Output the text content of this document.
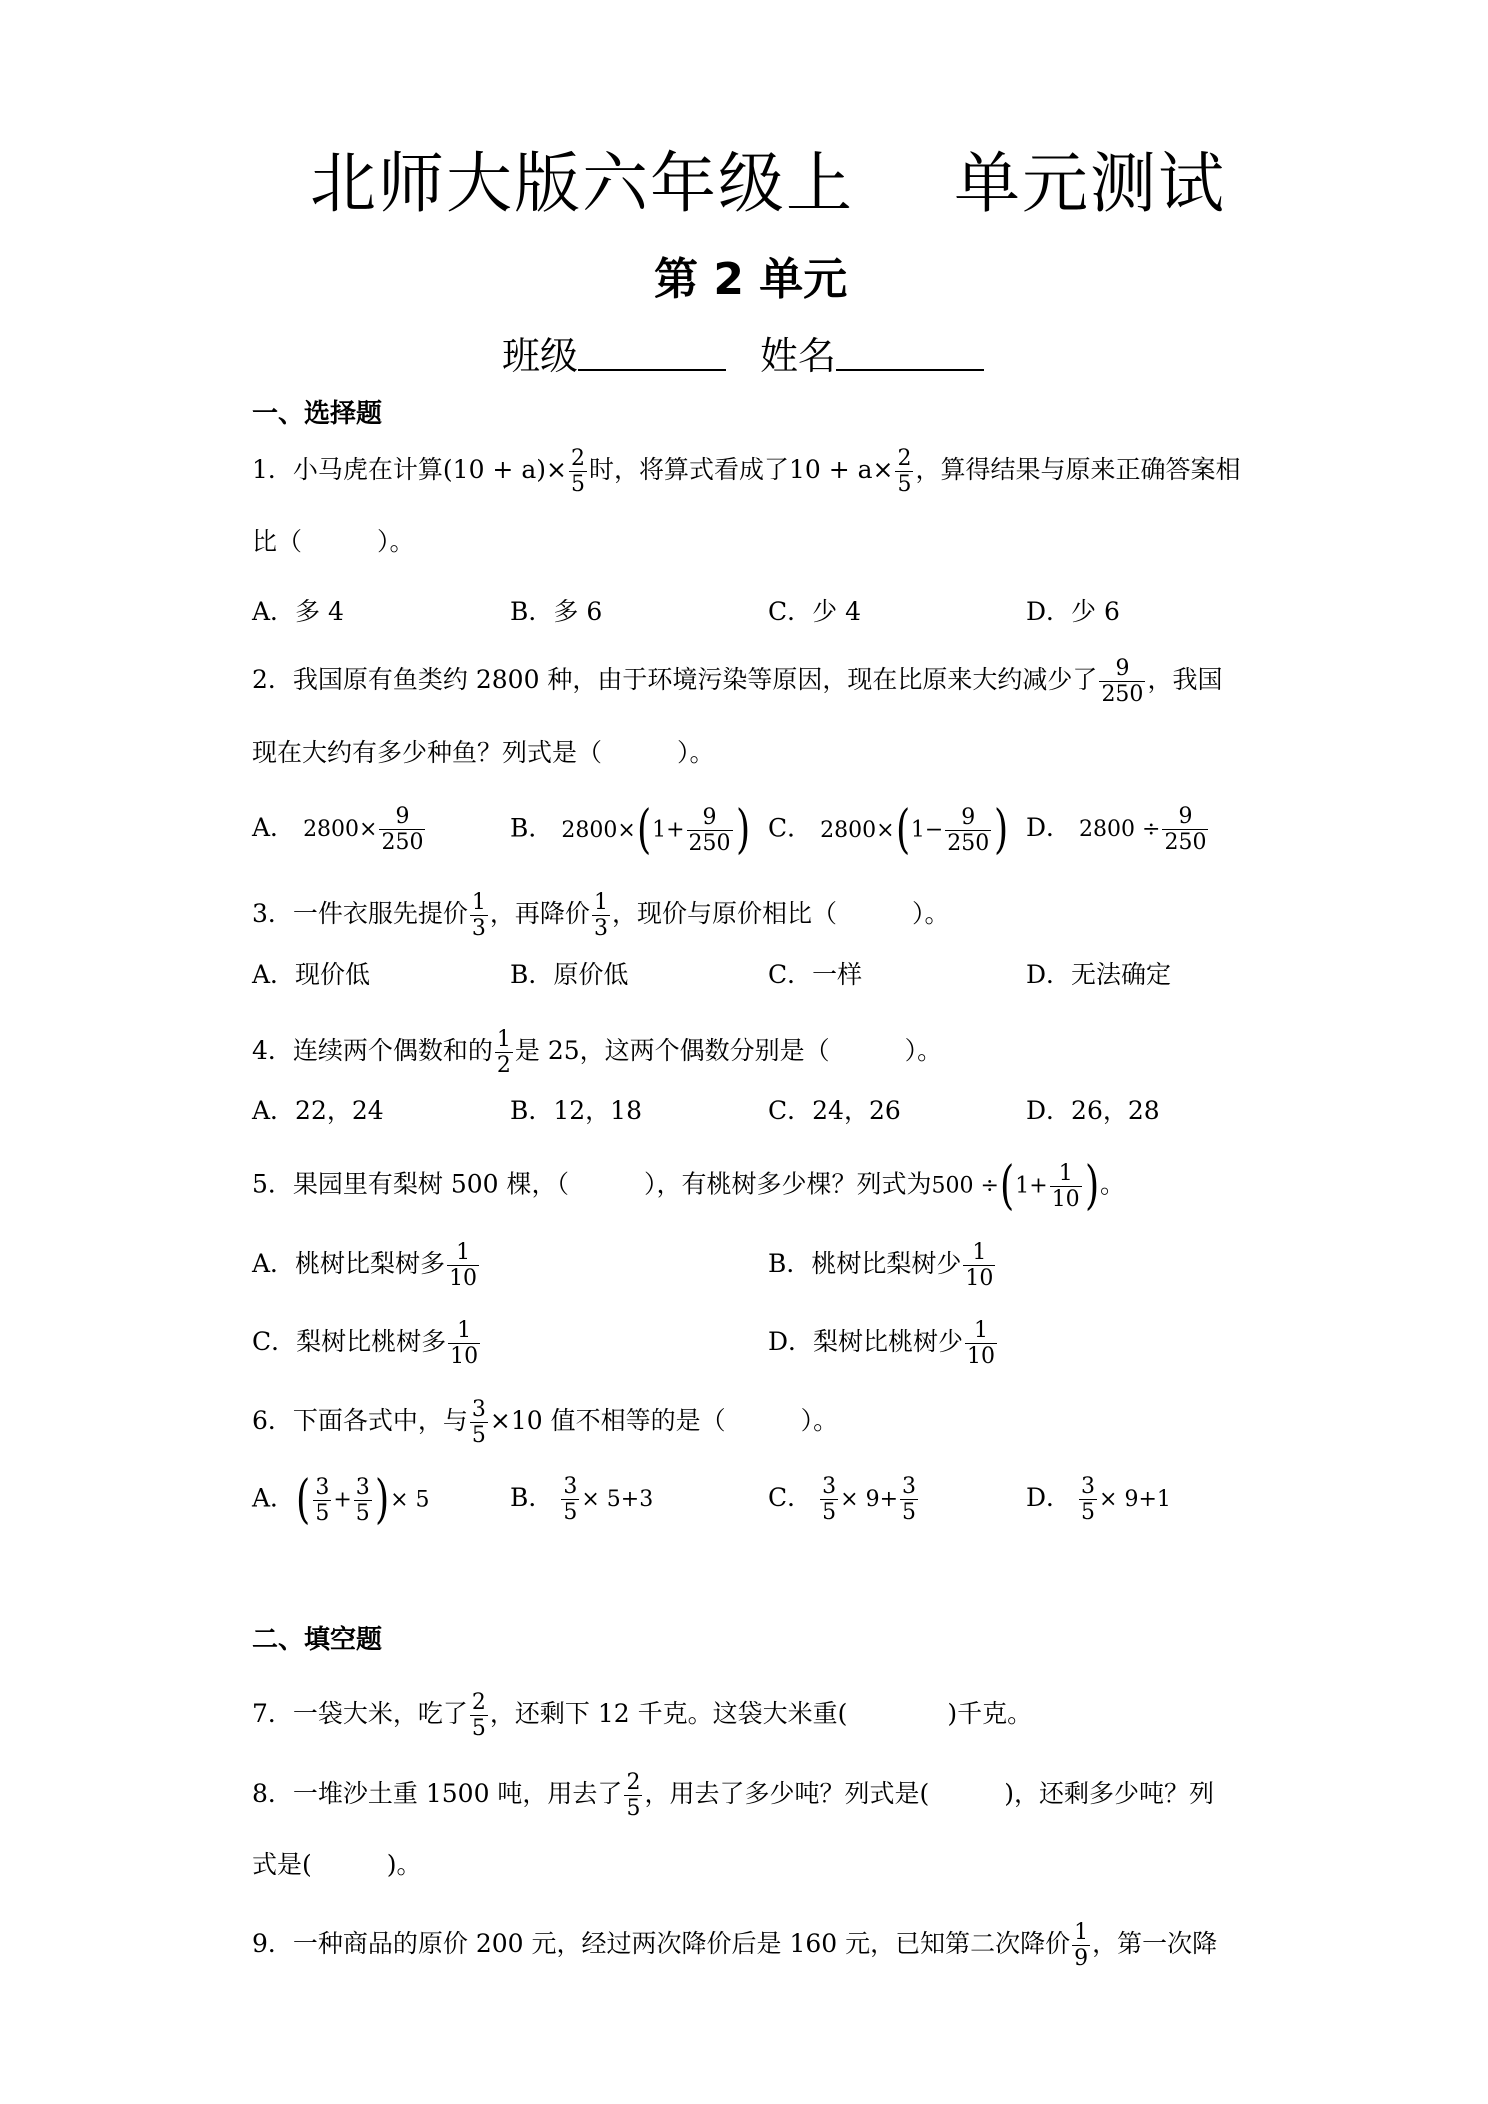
北师大版六年级上 单元测试
第 2 单元
班级	姓名
一、选择题
1．小马虎在计算$(10 + a)\times \frac{2}{5}$ 时，将算式看成了$10 + a\times \frac{2}{5}$ ，算得结果与原来正确答案相
比（　　　）。
A．多 4	B．多 6	C．少 4	D．少 6
2．我国原有鱼类约 2800 种，由于环境污染等原因，现在比原来大约减少了 $\frac{9}{250}$ ，我国
现在大约有多少种鱼？列式是（　　　）。
A． $2800\times \frac{9}{250}$	B． $2800\times(1+ \frac{9}{250}$ ) C． $2800\times(1- \frac{9}{250}$ ) D． $2800 \div \frac{9}{250}$
3．一件衣服先提价 $\frac{1}{3}$ ，再降价 $\frac{1}{3}$ ，现价与原价相比（　　　）。
A．现价低	B．原价低	C．一样	D．无法确定
4．连续两个偶数和的 $\frac{1}{2}$ 是 25，这两个偶数分别是（　　　）。
A．22，24	B．12，18	C．24，26	D．26，28
5．果园里有梨树 500 棵，（　　　），有桃树多少棵？列式为$500 \div(1+ \frac{1}{10}$ )。
A．桃树比梨树多 $\frac{1}{10}$	B．桃树比梨树少 $\frac{1}{10}$
C．梨树比桃树多 $\frac{1}{10}$	D．梨树比桃树少 $\frac{1}{10}$
6．下面各式中，与 $\frac{3}{5} \times 10$ 值不相等的是（　　　）。
A．( $\frac{3}{5} + \frac{3}{5}$ )× 5	B． $\frac{3}{5} \times 5+3$	C． $\frac{3}{5} \times 9+ \frac{3}{5}$	D． $\frac{3}{5} \times 9+1$
二、填空题
7．一袋大米，吃了 $\frac{2}{5}$ ，还剩下 12 千克。这袋大米重(　　　　)千克。
8．一堆沙土重 1500 吨，用去了 $\frac{2}{5}$ ，用去了多少吨？列式是(　　　)，还剩多少吨？列
式是(　　　)。
9．一种商品的原价 200 元，经过两次降价后是 160 元，已知第二次降价 $\frac{1}{9}$ ，第一次降
